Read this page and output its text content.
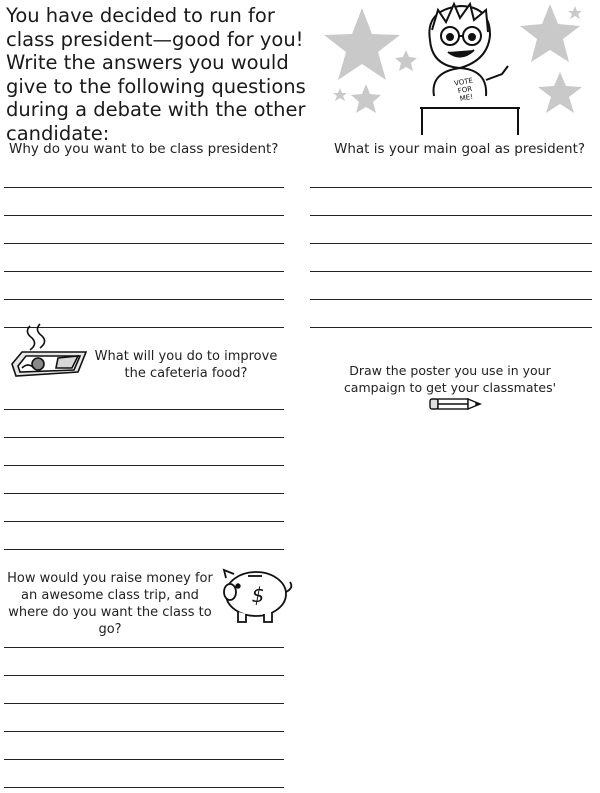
You have decided to run for class president—good for you! Write the answers you would give to the following questions during a debate with the other candidate:
VOTE
FOR
ME!
Why do you want to be class president?	What is your main goal as president?
What will you do to improve the cafeteria food?	Draw the poster you use in your campaign to get your classmates'
How would you raise money for an awesome class trip, and where do you want the class to go?
$
